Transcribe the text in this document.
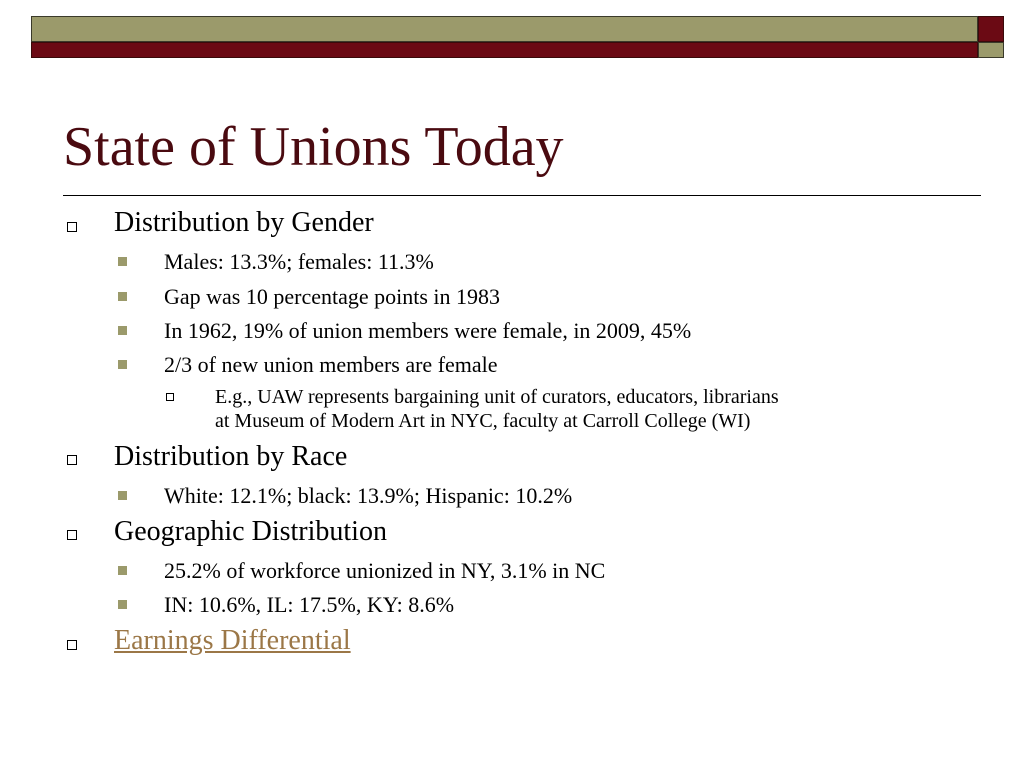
State of Unions Today
Distribution by Gender
Males: 13.3%; females: 11.3%
Gap was 10 percentage points in 1983
In 1962, 19% of union members were female, in 2009, 45%
2/3 of new union members are female
E.g., UAW represents bargaining unit of curators, educators, librarians
at Museum of Modern Art in NYC, faculty at Carroll College (WI)
Distribution by Race
White: 12.1%; black: 13.9%; Hispanic: 10.2%
Geographic Distribution
25.2% of workforce unionized in NY, 3.1% in NC
IN: 10.6%, IL: 17.5%, KY: 8.6%
Earnings Differential
